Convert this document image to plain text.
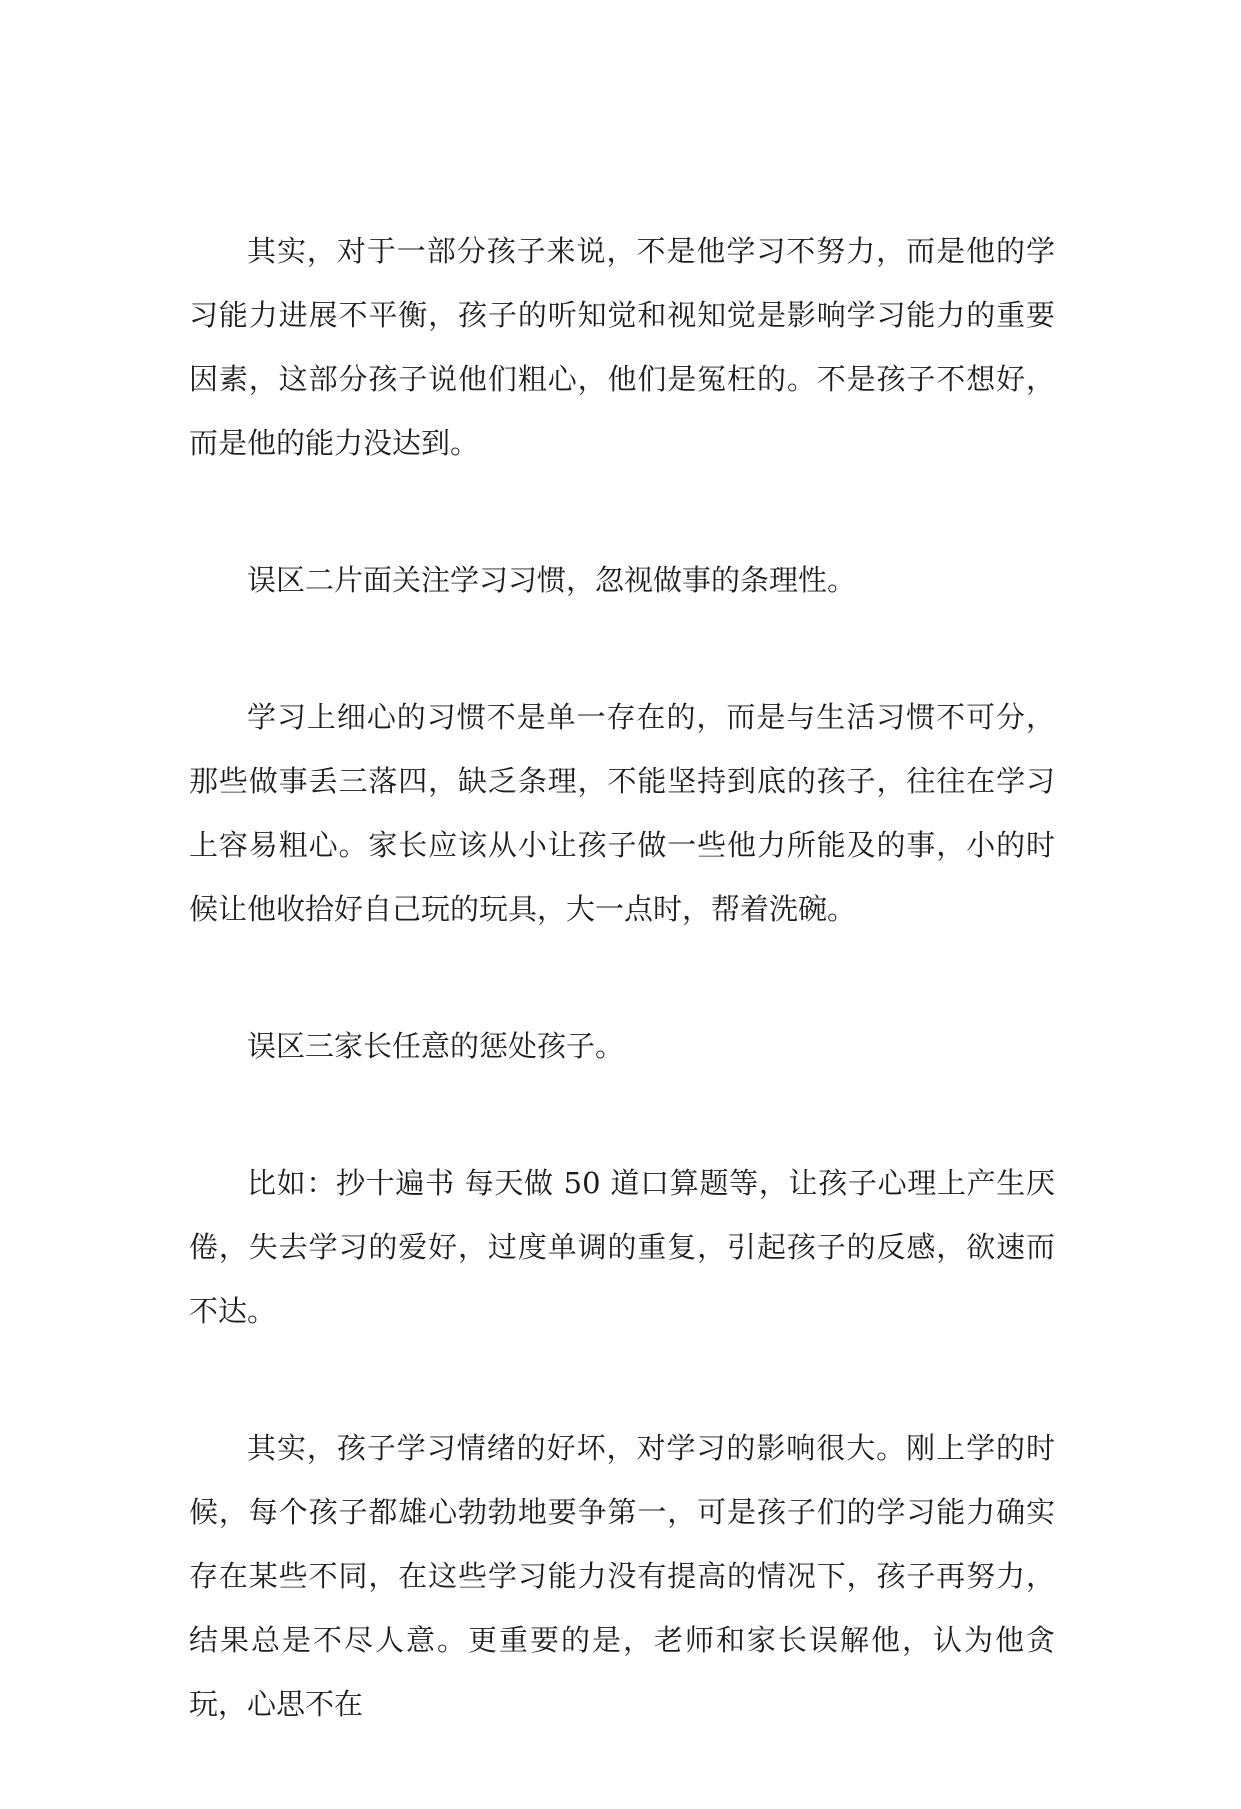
其实，对于一部分孩子来说，不是他学习不努力，而是他的学习能力进展不平衡，孩子的听知觉和视知觉是影响学习能力的重要因素，这部分孩子说他们粗心，他们是冤枉的。不是孩子不想好，而是他的能力没达到。

误区二片面关注学习习惯，忽视做事的条理性。

学习上细心的习惯不是单一存在的，而是与生活习惯不可分，那些做事丢三落四，缺乏条理，不能坚持到底的孩子，往往在学习上容易粗心。家长应该从小让孩子做一些他力所能及的事，小的时候让他收拾好自己玩的玩具，大一点时，帮着洗碗。

误区三家长任意的惩处孩子。

比如：抄十遍书 每天做 50 道口算题等，让孩子心理上产生厌倦，失去学习的爱好，过度单调的重复，引起孩子的反感，欲速而不达。

其实，孩子学习情绪的好坏，对学习的影响很大。刚上学的时候，每个孩子都雄心勃勃地要争第一，可是孩子们的学习能力确实存在某些不同，在这些学习能力没有提高的情况下，孩子再努力，结果总是不尽人意。更重要的是，老师和家长误解他，认为他贪玩，心思不在
